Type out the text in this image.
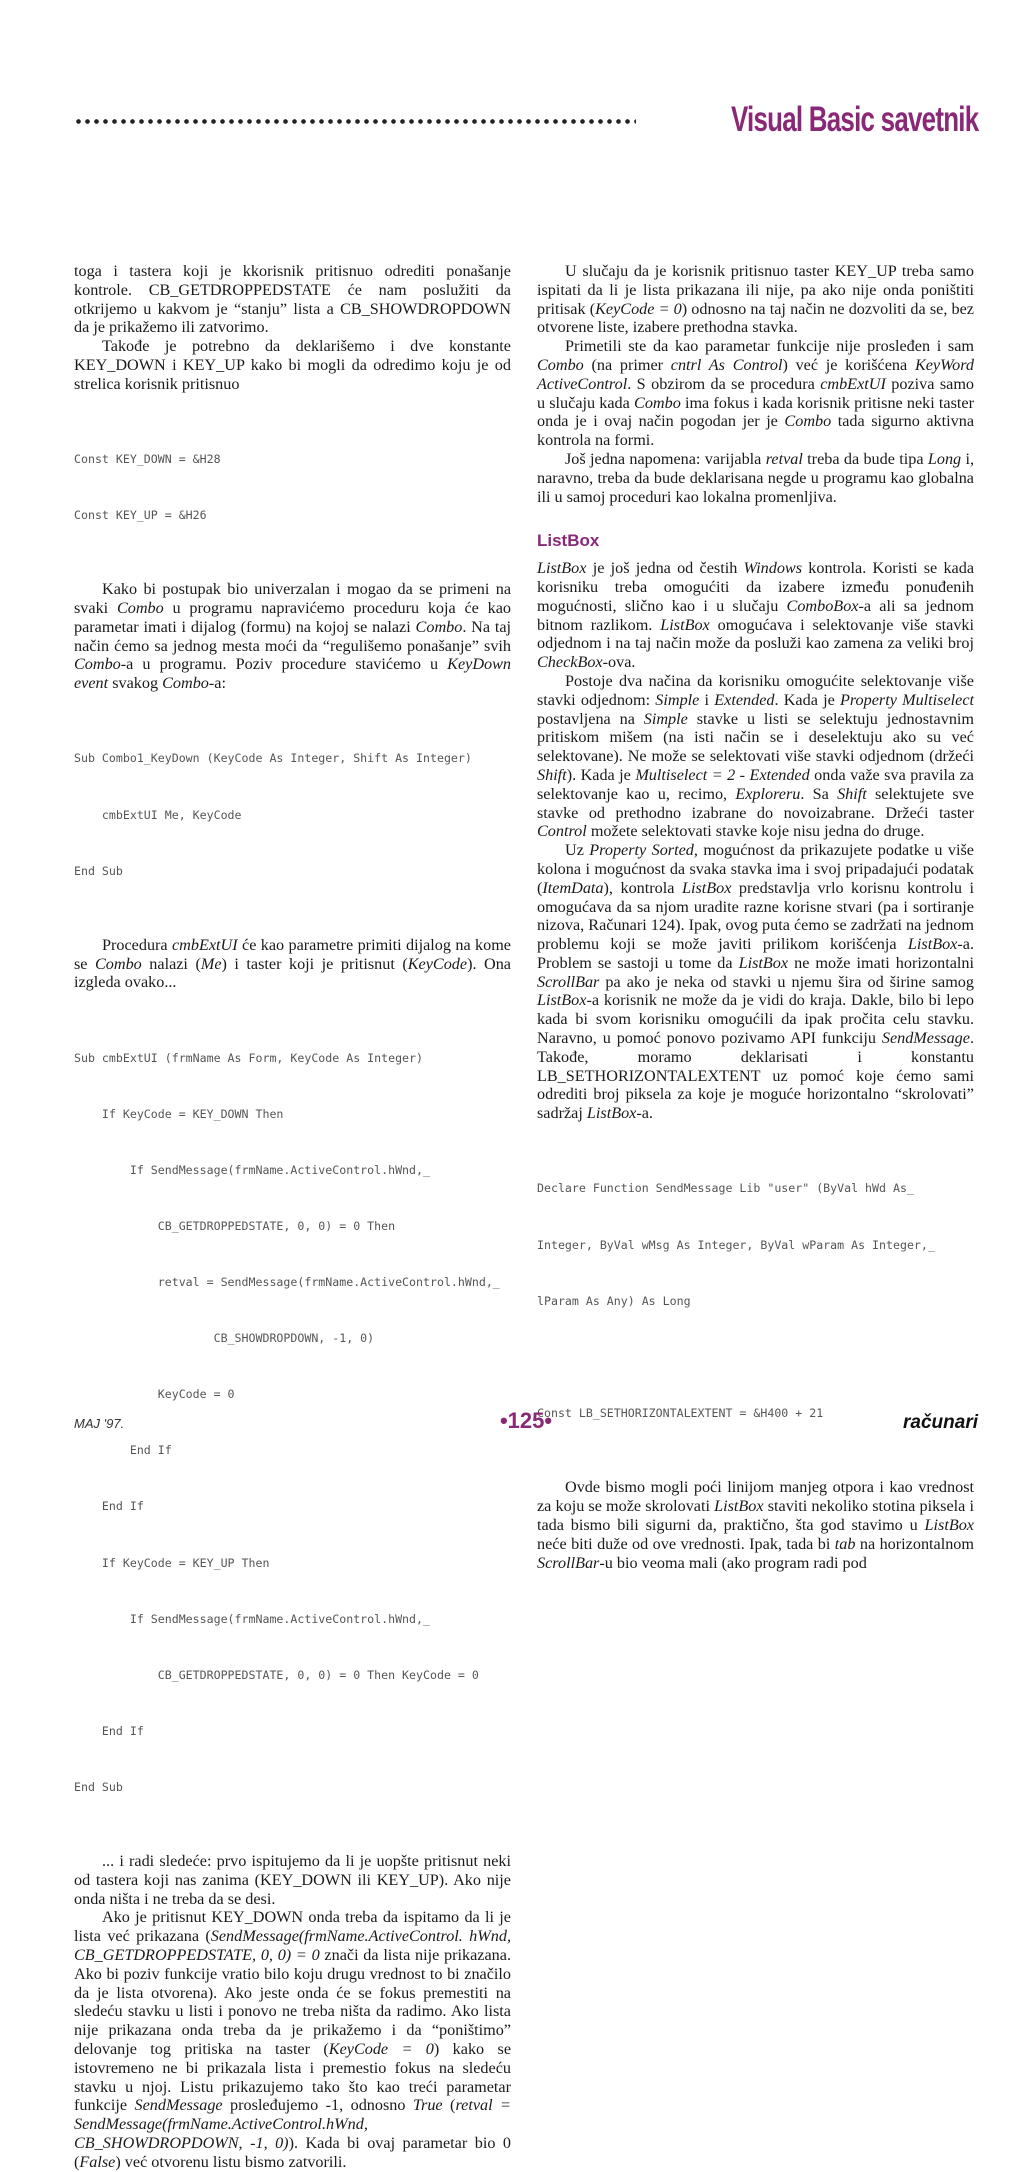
Visual Basic savetnik

toga i tastera koji je kkorisnik pritisnuo odrediti ponašanje kontrole. CB_GETDROPPEDSTATE će nam poslužiti da otkrijemo u kakvom je “stanju” lista a CB_SHOWDROPDOWN da je prikažemo ili zatvorimo.

Takođe je potrebno da deklarišemo i dve konstante KEY_DOWN i KEY_UP kako bi mogli da odredimo koju je od strelica korisnik pritisnuo

Const KEY_DOWN = &H28

Const KEY_UP = &H26

Kako bi postupak bio univerzalan i mogao da se primeni na svaki Combo u programu napravićemo proceduru koja će kao parametar imati i dijalog (formu) na kojoj se nalazi Combo. Na taj način ćemo sa jednog mesta moći da “regulišemo ponašanje” svih Combo-a u programu. Poziv procedure stavićemo u KeyDown event svakog Combo-a:

Sub Combo1_KeyDown (KeyCode As Integer, Shift As Integer)

cmbExtUI Me, KeyCode

End Sub

Procedura cmbExtUI će kao parametre primiti dijalog na kome se Combo nalazi (Me) i taster koji je pritisnut (KeyCode). Ona izgleda ovako...

Sub cmbExtUI (frmName As Form, KeyCode As Integer)

If KeyCode = KEY_DOWN Then

If SendMessage(frmName.ActiveControl.hWnd,_

CB_GETDROPPEDSTATE, 0, 0) = 0 Then

retval = SendMessage(frmName.ActiveControl.hWnd,_

CB_SHOWDROPDOWN, -1, 0)

KeyCode = 0

End If

End If

If KeyCode = KEY_UP Then

If SendMessage(frmName.ActiveControl.hWnd,_

CB_GETDROPPEDSTATE, 0, 0) = 0 Then KeyCode = 0

End If

End Sub

... i radi sledeće: prvo ispitujemo da li je uopšte pritisnut neki od tastera koji nas zanima (KEY_DOWN ili KEY_UP). Ako nije onda ništa i ne treba da se desi.

Ako je pritisnut KEY_DOWN onda treba da ispitamo da li je lista već prikazana (SendMessage(frmName.ActiveControl. hWnd, CB_GETDROPPEDSTATE, 0, 0) = 0 znači da lista nije prikazana. Ako bi poziv funkcije vratio bilo koju drugu vrednost to bi značilo da je lista otvorena). Ako jeste onda će se fokus premestiti na sledeću stavku u listi i ponovo ne treba ništa da radimo. Ako lista nije prikazana onda treba da je prikažemo i da “poništimo” delovanje tog pritiska na taster (KeyCode = 0) kako se istovremeno ne bi prikazala lista i premestio fokus na sledeću stavku u njoj. Listu prikazujemo tako što kao treći parametar funkcije SendMessage prosleđujemo -1, odnosno True (retval = SendMessage(frmName.ActiveControl.hWnd, CB_SHOWDROPDOWN, -1, 0)). Kada bi ovaj parametar bio 0 (False) već otvorenu listu bismo zatvorili.

U slučaju da je korisnik pritisnuo taster KEY_UP treba samo ispitati da li je lista prikazana ili nije, pa ako nije onda poništiti pritisak (KeyCode = 0) odnosno na taj način ne dozvoliti da se, bez otvorene liste, izabere prethodna stavka.

Primetili ste da kao parametar funkcije nije prosleđen i sam Combo (na primer cntrl As Control) već je korišćena KeyWord ActiveControl. S obzirom da se procedura cmbExtUI poziva samo u slučaju kada Combo ima fokus i kada korisnik pritisne neki taster onda je i ovaj način pogodan jer je Combo tada sigurno aktivna kontrola na formi.

Još jedna napomena: varijabla retval treba da bude tipa Long i, naravno, treba da bude deklarisana negde u programu kao globalna ili u samoj proceduri kao lokalna promenljiva.

ListBox

ListBox je još jedna od čestih Windows kontrola. Koristi se kada korisniku treba omogućiti da izabere između ponuđenih mogućnosti, slično kao i u slučaju ComboBox-a ali sa jednom bitnom razlikom. ListBox omogućava i selektovanje više stavki odjednom i na taj način može da posluži kao zamena za veliki broj CheckBox-ova.

Postoje dva načina da korisniku omogućite selektovanje više stavki odjednom: Simple i Extended. Kada je Property Multiselect postavljena na Simple stavke u listi se selektuju jednostavnim pritiskom mišem (na isti način se i deselektuju ako su već selektovane). Ne može se selektovati više stavki odjednom (držeći Shift). Kada je Multiselect = 2 - Extended onda važe sva pravila za selektovanje kao u, recimo, Exploreru. Sa Shift selektujete sve stavke od prethodno izabrane do novoizabrane. Držeći taster Control možete selektovati stavke koje nisu jedna do druge.

Uz Property Sorted, mogućnost da prikazujete podatke u više kolona i mogućnost da svaka stavka ima i svoj pripadajući podatak (ItemData), kontrola ListBox predstavlja vrlo korisnu kontrolu i omogućava da sa njom uradite razne korisne stvari (pa i sortiranje nizova, Računari 124). Ipak, ovog puta ćemo se zadržati na jednom problemu koji se može javiti prilikom korišćenja ListBox-a. Problem se sastoji u tome da ListBox ne može imati horizontalni ScrollBar pa ako je neka od stavki u njemu šira od širine samog ListBox-a korisnik ne može da je vidi do kraja. Dakle, bilo bi lepo kada bi svom korisniku omogućili da ipak pročita celu stavku. Naravno, u pomoć ponovo pozivamo API funkciju SendMessage. Takođe, moramo deklarisati i konstantu LB_SETHORIZONTALEXTENT uz pomoć koje ćemo sami odrediti broj piksela za koje je moguće horizontalno “skrolovati” sadržaj ListBox-a.

Declare Function SendMessage Lib "user" (ByVal hWd As_

Integer, ByVal wMsg As Integer, ByVal wParam As Integer,_

lParam As Any) As Long

Const LB_SETHORIZONTALEXTENT = &H400 + 21

Ovde bismo mogli poći linijom manjeg otpora i kao vrednost za koju se može skrolovati ListBox staviti nekoliko stotina piksela i tada bismo bili sigurni da, praktično, šta god stavimo u ListBox neće biti duže od ove vrednosti. Ipak, tada bi tab na horizontalnom ScrollBar-u bio veoma mali (ako program radi pod

MAJ '97.	•125•	računari
